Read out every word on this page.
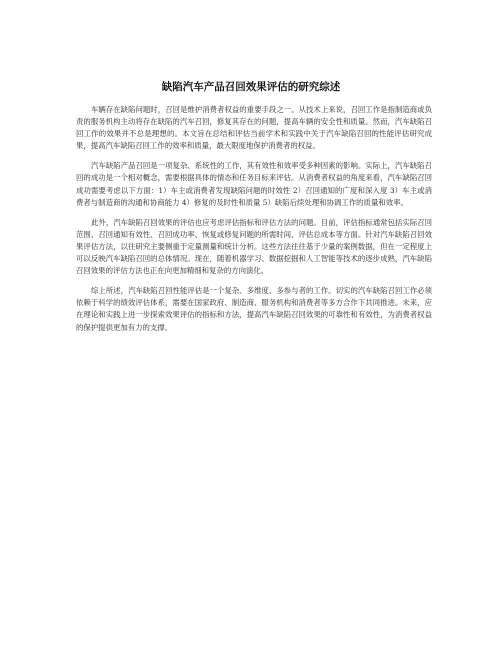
缺陷汽车产品召回效果评估的研究综述

车辆存在缺陷问题时，召回是维护消费者权益的重要手段之一。从技术上来说，召回工作是指制造商或负责的服务机构主动将存在缺陷的汽车召回，修复其存在的问题，提高车辆的安全性和质量。然而，汽车缺陷召回工作的效果并不总是理想的。本文旨在总结和评估当前学术和实践中关于汽车缺陷召回的性能评估研究成果，提高汽车缺陷召回工作的效率和质量，最大限度地保护消费者的权益。

汽车缺陷产品召回是一项复杂、系统性的工作，其有效性和效率受多种因素的影响。实际上，汽车缺陷召回的成功是一个相对概念，需要根据具体的情态和任务目标来评估。从消费者权益的角度来看，汽车缺陷召回成功需要考虑以下方面：1）车主或消费者发现缺陷问题的时效性 2）召回通知的广度和深入度 3）车主或消费者与制造商的沟通和协商能力 4）修复的及时性和质量 5）缺陷后续处理和协调工作的质量和效率。

此外，汽车缺陷召回效果的评估也应考虑评估指标和评估方法的问题。目前，评估指标通常包括实际召回范围、召回通知有效性、召回成功率、恢复或修复问题的所需时间、评估总成本等方面。针对汽车缺陷召回效果评估方法，以往研究主要侧重于定量测量和统计分析。这些方法往往基于少量的案例数据，但在一定程度上可以反映汽车缺陷召回的总体情况。现在，随着机器学习、数据挖掘和人工智能等技术的逐步成熟，汽车缺陷召回效果的评估方法也正在向更加精细和复杂的方向演化。

综上所述，汽车缺陷召回性能评估是一个复杂、多维度、多参与者的工作。切实的汽车缺陷召回工作必须依赖于科学的绩效评估体系，需要在国家政府、制造商、服务机构和消费者等多方合作下共同推进。未来，应在理论和实践上进一步探索效果评估的指标和方法，提高汽车缺陷召回效果的可靠性和有效性，为消费者权益的保护提供更加有力的支撑。
